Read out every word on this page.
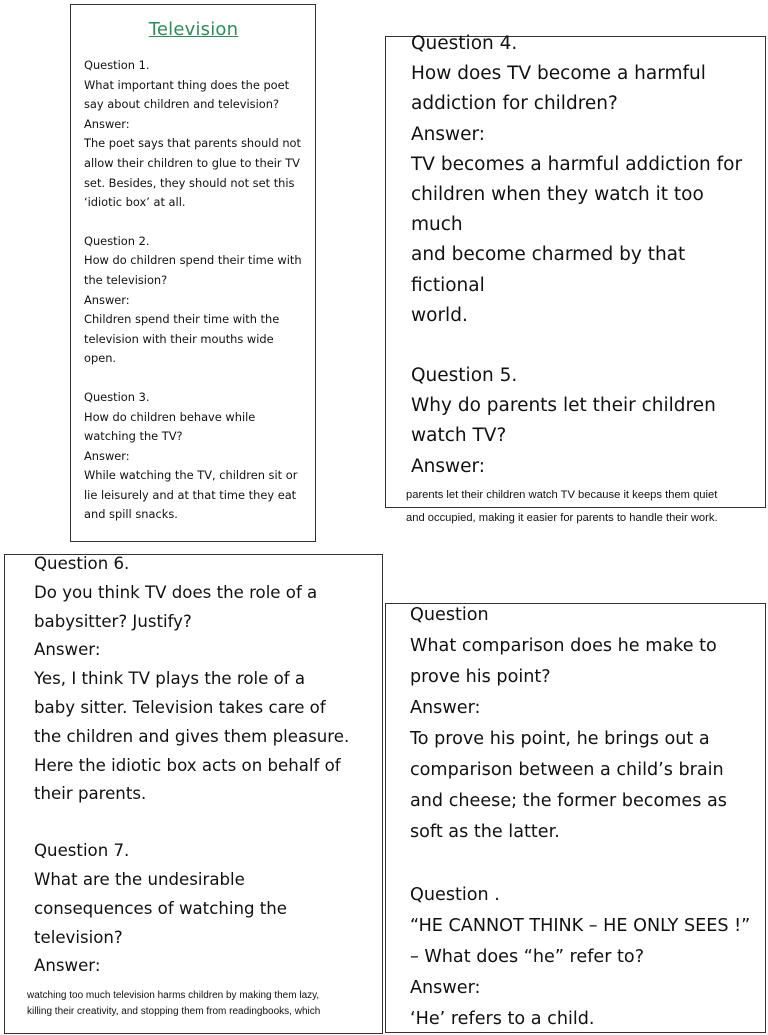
Television

Question 1.

What important thing does the poet

say about children and television?

Answer:

The poet says that parents should not

allow their children to glue to their TV

set. Besides, they should not set this

‘idiotic box’ at all.

Question 2.

How do children spend their time with

the television?

Answer:

Children spend their time with the

television with their mouths wide

open.

Question 3.

How do children behave while

watching the TV?

Answer:

While watching the TV, children sit or

lie leisurely and at that time they eat

and spill snacks.

Question 4.

How does TV become a harmful

addiction for children?

Answer:

TV becomes a harmful addiction for

children when they watch it too much

and become charmed by that fictional

world.

Question 5.

Why do parents let their children

watch TV?

Answer:

parents let their children watch TV because it keeps them quiet

and occupied, making it easier for parents to handle their work.

Question 6.

Do you think TV does the role of a

babysitter? Justify?

Answer:

Yes, I think TV plays the role of a

baby sitter. Television takes care of

the children and gives them pleasure.

Here the idiotic box acts on behalf of

their parents.

Question 7.

What are the undesirable

consequences of watching the

television?

Answer:

watching too much television harms children by making them lazy,

killing their creativity, and stopping them from readingbooks, which

Question

What comparison does he make to

prove his point?

Answer:

To prove his point, he brings out a

comparison between a child’s brain

and cheese; the former becomes as

soft as the latter.

Question .

“HE CANNOT THINK – HE ONLY SEES !”

– What does “he” refer to?

Answer:

‘He’ refers to a child.
